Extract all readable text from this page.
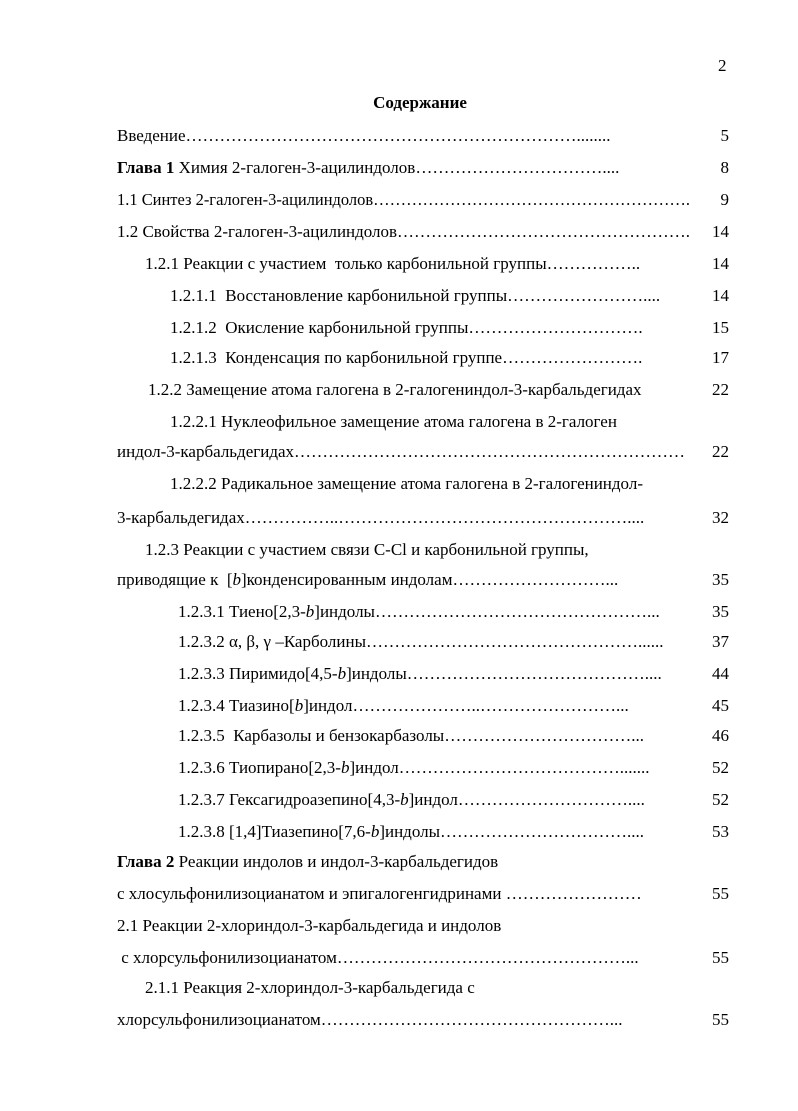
2
Содержание
Введение……………………………………………………………........	5
Глава 1 Химия 2-галоген-3-ацилиндолов……………………………....	8
1.1 Синтез 2-галоген-3-ацилиндолов………………………………………………….	9
1.2 Свойства 2-галоген-3-ацилиндолов…………………………………………….	14
1.2.1 Реакции с участием  только карбонильной группы……………..	14
1.2.1.1  Восстановление карбонильной группы……………………....	14
1.2.1.2  Окисление карбонильной группы………………………….	15
1.2.1.3  Конденсация по карбонильной группе…………………….	17
1.2.2 Замещение атома галогена в 2-галогениндол-3-карбальдегидах	22
1.2.2.1 Нуклеофильное замещение атома галогена в 2-галоген
индол-3-карбальдегидах……………………………………………………………	22
1.2.2.2 Радикальное замещение атома галогена в 2-галогениндол-
3-карбальдегидах……………..……………………………………………....	32
1.2.3 Реакции с участием связи С-Cl и карбонильной группы,
приводящие к  [b]конденсированным индолам………………………...	35
1.2.3.1 Тиено[2,3-b]индолы…………………………………………...	35
1.2.3.2 α, β, γ –Карболины…………………………………………......	37
1.2.3.3 Пиримидо[4,5-b]индолы……………………………………....	44
1.2.3.4 Тиазино[b]индол…………………..……………………...	45
1.2.3.5  Карбазолы и бензокарбазолы……………………………...	46
1.2.3.6 Тиопирано[2,3-b]индол………………………………….......	52
1.2.3.7 Гексагидроазепино[4,3-b]индол…………………………....	52
1.2.3.8 [1,4]Тиазепино[7,6-b]индолы……………………………....	53
Глава 2 Реакции индолов и индол-3-карбальдегидов
с хлосульфонилизоцианатом и эпигалогенгидринами ……………………	55
2.1 Реакции 2-хлориндол-3-карбальдегида и индолов
с хлорсульфонилизоцианатом……………………………………………...	55
2.1.1 Реакция 2-хлориндол-3-карбальдегида с
хлорсульфонилизоцианатом……………………………………………...	55
